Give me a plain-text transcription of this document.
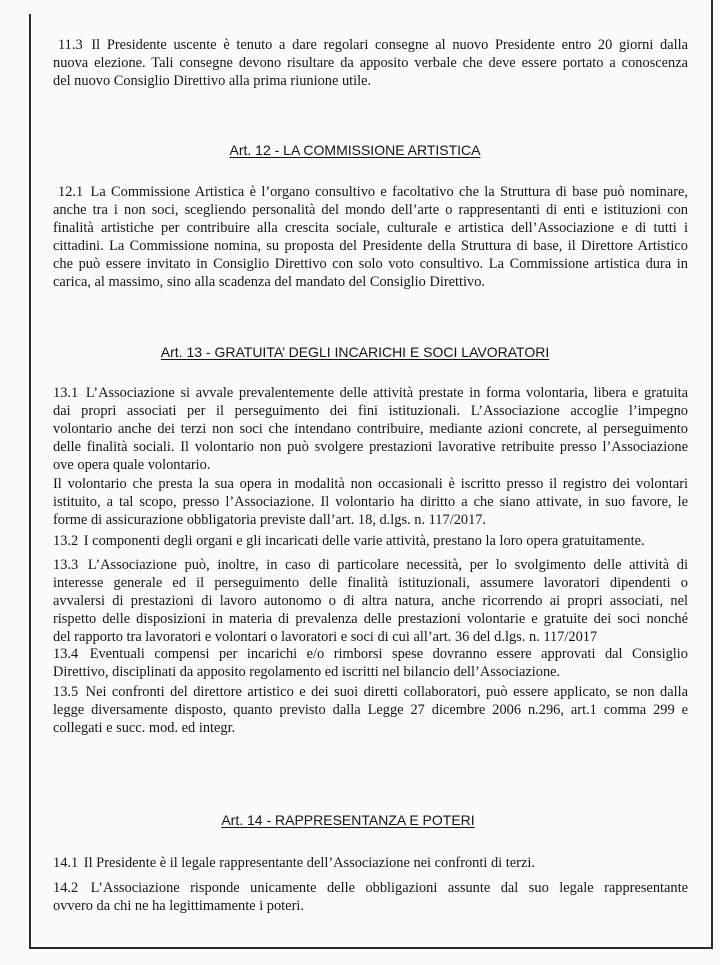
11.3 Il Presidente uscente è tenuto a dare regolari consegne al nuovo Presidente entro 20 giorni dalla
nuova elezione. Tali consegne devono risultare da apposito verbale che deve essere portato a conoscenza
del nuovo Consiglio Direttivo alla prima riunione utile.
Art. 12 - LA COMMISSIONE ARTISTICA
12.1 La Commissione Artistica è l’organo consultivo e facoltativo che la Struttura di base può nominare,
anche tra i non soci, scegliendo personalità del mondo dell’arte o rappresentanti di enti e istituzioni con
finalità artistiche per contribuire alla crescita sociale, culturale e artistica dell’Associazione e di tutti i
cittadini. La Commissione nomina, su proposta del Presidente della Struttura di base, il Direttore Artistico
che può essere invitato in Consiglio Direttivo con solo voto consultivo. La Commissione artistica dura in
carica, al massimo, sino alla scadenza del mandato del Consiglio Direttivo.
Art. 13 - GRATUITA’ DEGLI INCARICHI E SOCI LAVORATORI
13.1 L’Associazione si avvale prevalentemente delle attività prestate in forma volontaria, libera e gratuita
dai propri associati per il perseguimento dei fini istituzionali. L’Associazione accoglie l’impegno
volontario anche dei terzi non soci che intendano contribuire, mediante azioni concrete, al perseguimento
delle finalità sociali. Il volontario non può svolgere prestazioni lavorative retribuite presso l’Associazione
ove opera quale volontario.
Il volontario che presta la sua opera in modalità non occasionali è iscritto presso il registro dei volontari
istituito, a tal scopo, presso l’Associazione. Il volontario ha diritto a che siano attivate, in suo favore, le
forme di assicurazione obbligatoria previste dall’art. 18, d.lgs. n. 117/2017.
13.2 I componenti degli organi e gli incaricati delle varie attività, prestano la loro opera gratuitamente.
13.3 L’Associazione può, inoltre, in caso di particolare necessità, per lo svolgimento delle attività di
interesse generale ed il perseguimento delle finalità istituzionali, assumere lavoratori dipendenti o
avvalersi di prestazioni di lavoro autonomo o di altra natura, anche ricorrendo ai propri associati, nel
rispetto delle disposizioni in materia di prevalenza delle prestazioni volontarie e gratuite dei soci nonché
del rapporto tra lavoratori e volontari o lavoratori e soci di cui all’art. 36 del d.lgs. n. 117/2017
13.4 Eventuali compensi per incarichi e/o rimborsi spese dovranno essere approvati dal Consiglio
Direttivo, disciplinati da apposito regolamento ed iscritti nel bilancio dell’Associazione.
13.5 Nei confronti del direttore artistico e dei suoi diretti collaboratori, può essere applicato, se non dalla
legge diversamente disposto, quanto previsto dalla Legge 27 dicembre 2006 n.296, art.1 comma 299 e
collegati e succ. mod. ed integr.
Art. 14 - RAPPRESENTANZA E POTERI
14.1 Il Presidente è il legale rappresentante dell’Associazione nei confronti di terzi.
14.2 L’Associazione risponde unicamente delle obbligazioni assunte dal suo legale rappresentante
ovvero da chi ne ha legittimamente i poteri.
